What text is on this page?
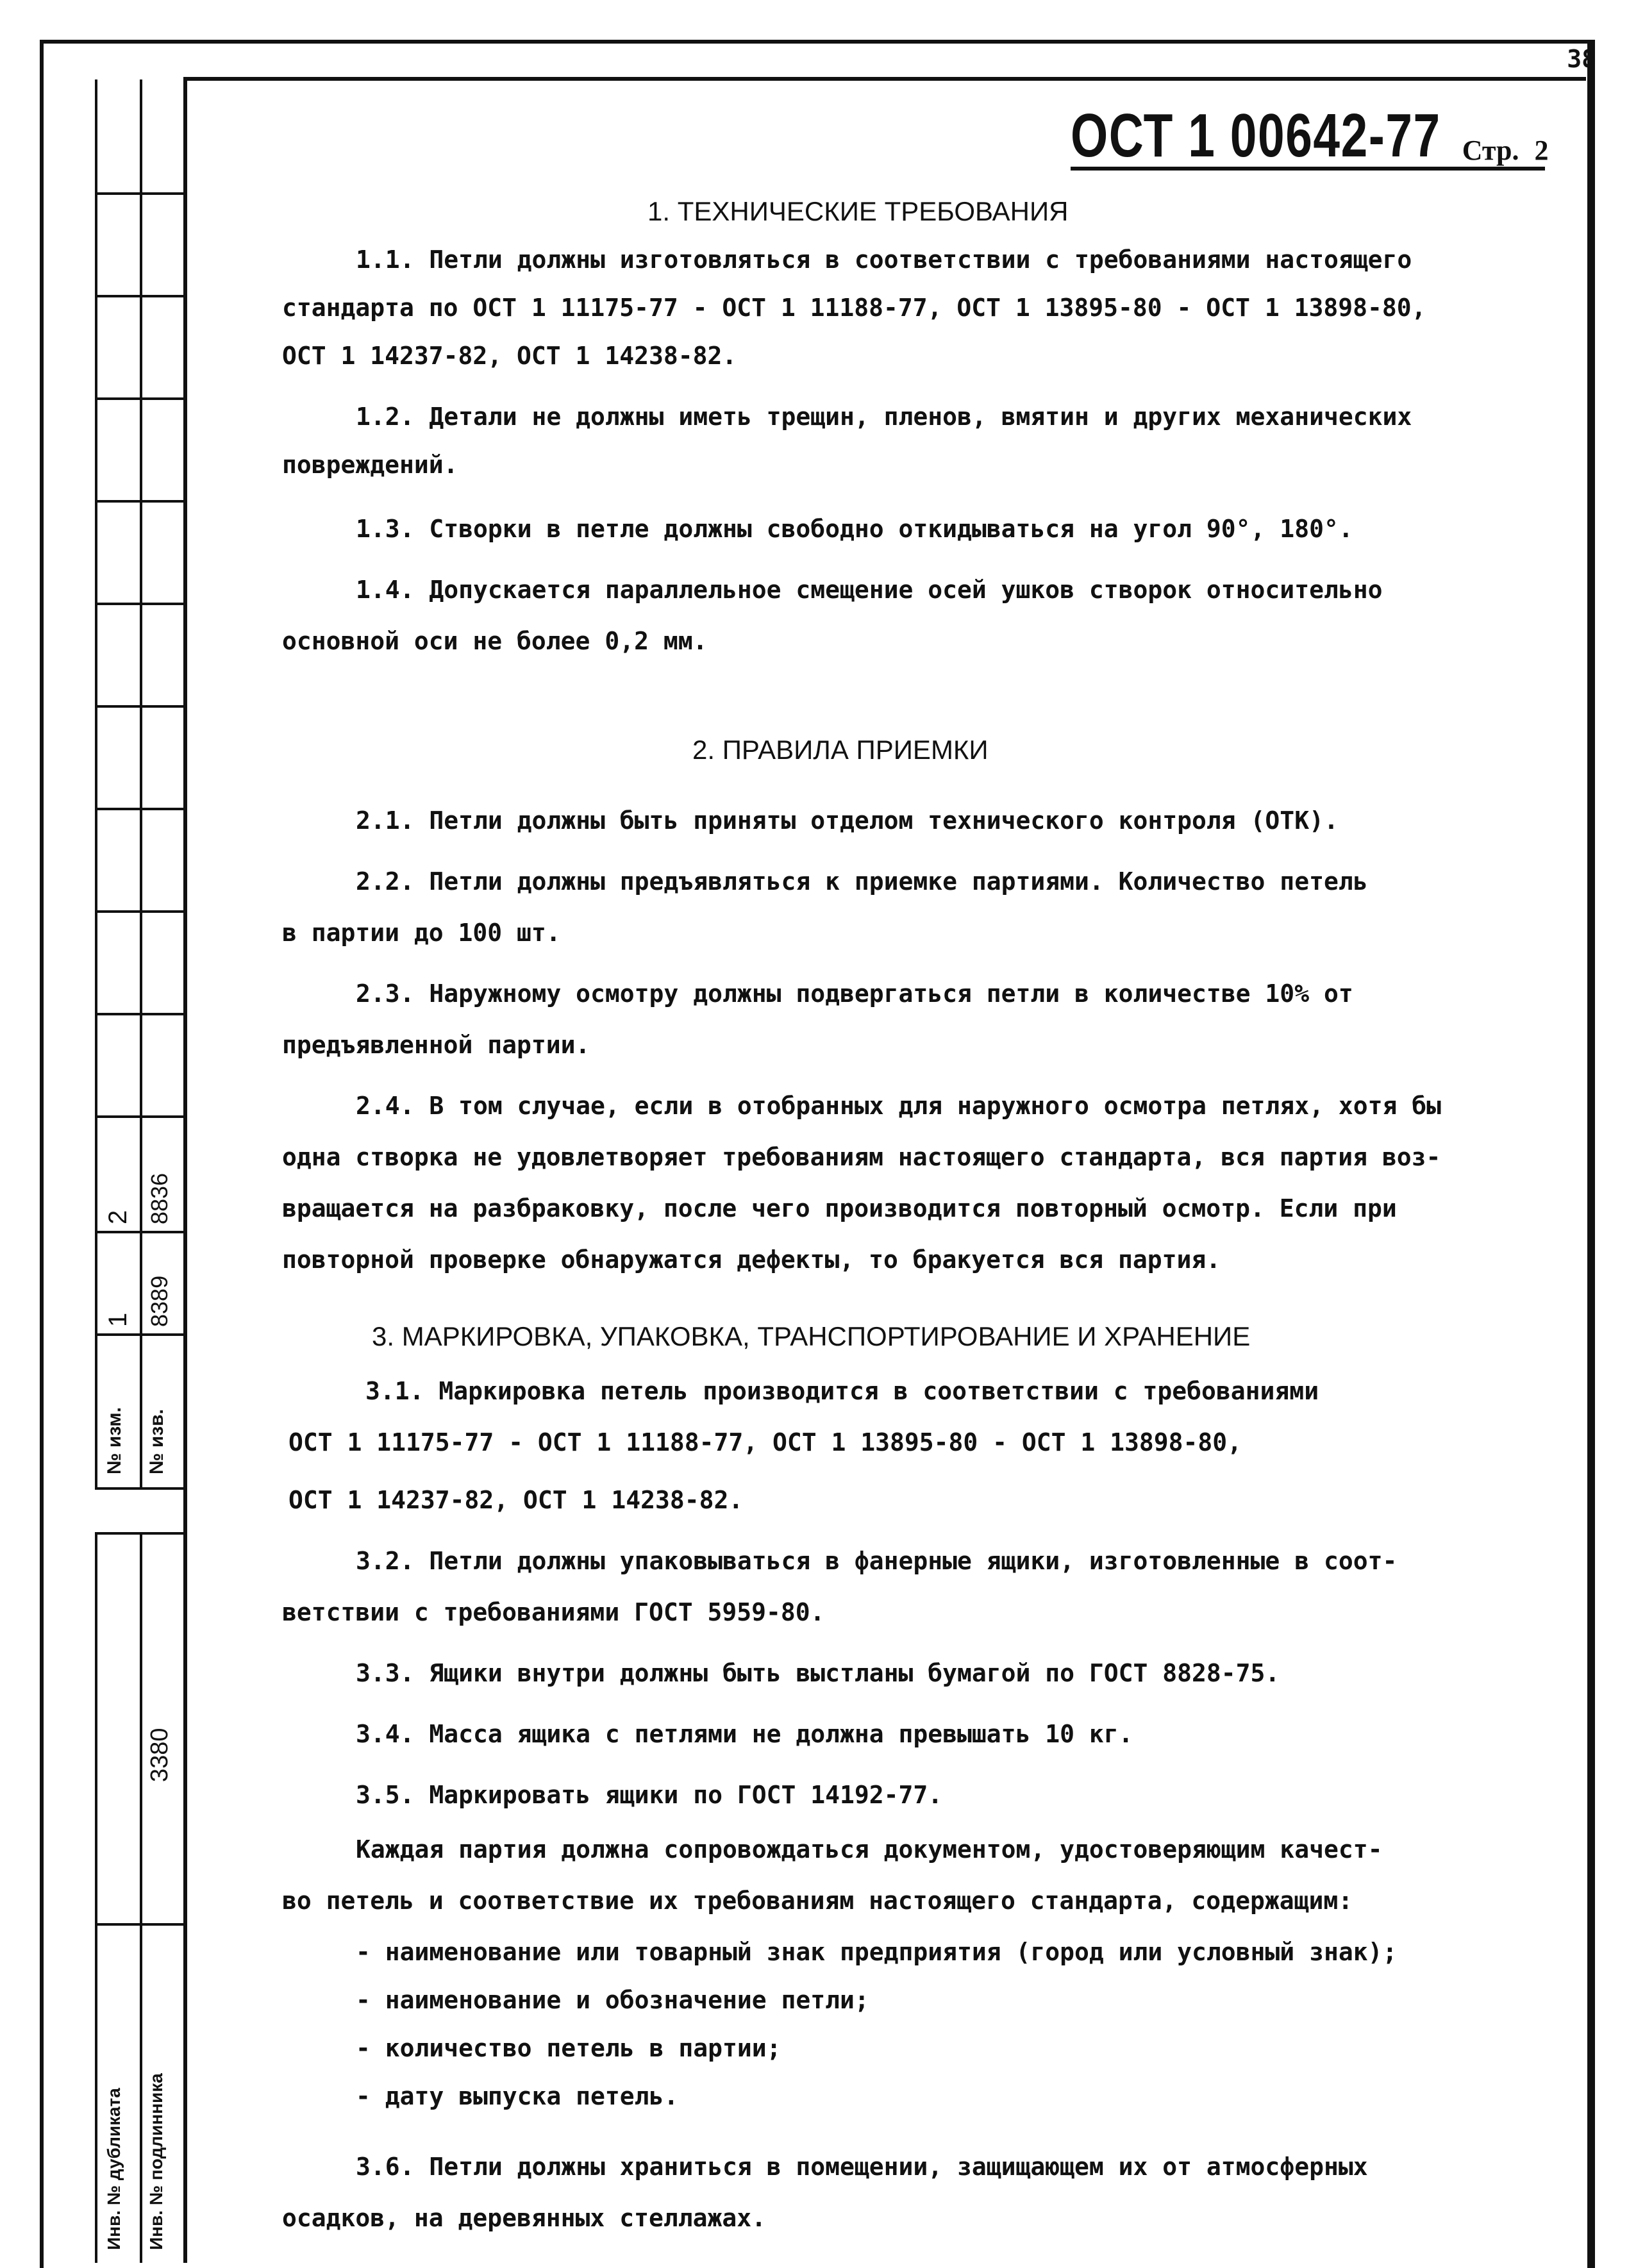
38
ОСТ 1 00642-77 Стр. 2
2 8836
1 8389
№ изм. № изв.
3380
Инв. № дубликата Инв. № подлинника
1. ТЕХНИЧЕСКИЕ ТРЕБОВАНИЯ
1.1. Петли должны изготовляться в соответствии с требованиями настоящего
стандарта по ОСТ 1 11175-77 - ОСТ 1 11188-77, ОСТ 1 13895-80 - ОСТ 1 13898-80,
ОСТ 1 14237-82, ОСТ 1 14238-82.
1.2. Детали не должны иметь трещин, пленов, вмятин и других механических
повреждений.
1.3. Створки в петле должны свободно откидываться на угол 90°, 180°.
1.4. Допускается параллельное смещение осей ушков створок относительно
основной оси не более 0,2 мм.
2. ПРАВИЛА ПРИЕМКИ
2.1. Петли должны быть приняты отделом технического контроля (ОТК).
2.2. Петли должны предъявляться к приемке партиями. Количество петель
в партии до 100 шт.
2.3. Наружному осмотру должны подвергаться петли в количестве 10% от
предъявленной партии.
2.4. В том случае, если в отобранных для наружного осмотра петлях, хотя бы
одна створка не удовлетворяет требованиям настоящего стандарта, вся партия воз-
вращается на разбраковку, после чего производится повторный осмотр. Если при
повторной проверке обнаружатся дефекты, то бракуется вся партия.
3. МАРКИРОВКА, УПАКОВКА, ТРАНСПОРТИРОВАНИЕ И ХРАНЕНИЕ
3.1. Маркировка петель производится в соответствии с требованиями
ОСТ 1 11175-77 - ОСТ 1 11188-77, ОСТ 1 13895-80 - ОСТ 1 13898-80,
ОСТ 1 14237-82, ОСТ 1 14238-82.
3.2. Петли должны упаковываться в фанерные ящики, изготовленные в соот-
ветствии с требованиями ГОСТ 5959-80.
3.3. Ящики внутри должны быть выстланы бумагой по ГОСТ 8828-75.
3.4. Масса ящика с петлями не должна превышать 10 кг.
3.5. Маркировать ящики по ГОСТ 14192-77.
Каждая партия должна сопровождаться документом, удостоверяющим качест-
во петель и соответствие их требованиям настоящего стандарта, содержащим:
- наименование или товарный знак предприятия (город или условный знак);
- наименование и обозначение петли;
- количество петель в партии;
- дату выпуска петель.
3.6. Петли должны храниться в помещении, защищающем их от атмосферных
осадков, на деревянных стеллажах.
